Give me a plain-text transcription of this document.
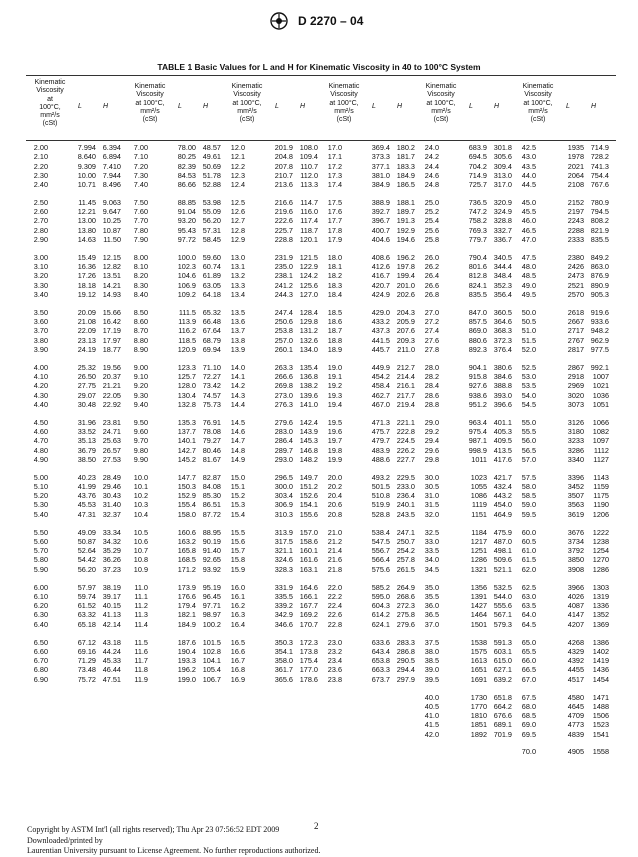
D 2270 – 04
TABLE 1 Basic Values for L and H for Kinematic Viscosity in 40 to 100°C System
Kinematic
Viscosity
at
100°C,
mm²/s
(cSt)
L	H
2.00	7.994 6.394
2.10	8.640 6.894
2.20	9.309 7.410
2.30	10.00 7.944
2.40	10.71 8.496
2.50	11.45 9.063
2.60	12.21 9.647
2.70	13.00 10.25
2.80	13.80 10.87
2.90	14.63 11.50
3.00	15.49 12.15
3.10	16.36 12.82
3.20	17.26 13.51
3.30	18.18 14.21
3.40	19.12 14.93
3.50	20.09 15.66
3.60	21.08 16.42
3.70	22.09 17.19
3.80	23.13 17.97
3.90	24.19 18.77
4.00	25.32 19.56
4.10	26.50 20.37
4.20	27.75 21.21
4.30	29.07 22.05
4.40	30.48 22.92
4.50	31.96 23.81
4.60	33.52 24.71
4.70	35.13 25.63
4.80	36.79 26.57
4.90	38.50 27.53
5.00	40.23 28.49
5.10	41.99 29.46
5.20	43.76 30.43
5.30	45.53 31.40
5.40	47.31 32.37
5.50	49.09 33.34
5.60	50.87 34.32
5.70	52.64 35.29
5.80	54.42 36.26
5.90	56.20 37.23
6.00	57.97 38.19
6.10	59.74 39.17
6.20	61.52 40.15
6.30	63.32 41.13
6.40	65.18 42.14
6.50	67.12 43.18
6.60	69.16 44.24
6.70	71.29 45.33
6.80	73.48 46.44
6.90	75.72 47.51
Kinematic
Viscosity
at 100°C,
mm²/s
(cSt)
L	H
7.00	78.00 48.57
7.10	80.25 49.61
7.20	82.39 50.69
7.30	84.53 51.78
7.40	86.66 52.88
7.50	88.85 53.98
7.60	91.04 55.09
7.70	93.20 56.20
7.80	95.43 57.31
7.90	97.72 58.45
8.00	100.0 59.60
8.10	102.3 60.74
8.20	104.6 61.89
8.30	106.9 63.05
8.40	109.2 64.18
8.50	111.5 65.32
8.60	113.9 66.48
8.70	116.2 67.64
8.80	118.5 68.79
8.90	120.9 69.94
9.00	123.3 71.10
9.10	125.7 72.27
9.20	128.0 73.42
9.30	130.4 74.57
9.40	132.8 75.73
9.50	135.3 76.91
9.60	137.7 78.08
9.70	140.1 79.27
9.80	142.7 80.46
9.90	145.2 81.67
10.0	147.7 82.87
10.1	150.3 84.08
10.2	152.9 85.30
10.3	155.4 86.51
10.4	158.0 87.72
10.5	160.6 88.95
10.6	163.2 90.19
10.7	165.8 91.40
10.8	168.5 92.65
10.9	171.2 93.92
11.0	173.9 95.19
11.1	176.6 96.45
11.2	179.4 97.71
11.3	182.1 98.97
11.4	184.9 100.2
11.5	187.6 101.5
11.6	190.4 102.8
11.7	193.3 104.1
11.8	196.2 105.4
11.9	199.0 106.7
Kinematic
Viscosity
at 100°C,
mm²/s
(cSt)
L	H
12.0	201.9 108.0
12.1	204.8 109.4
12.2	207.8 110.7
12.3	210.7 112.0
12.4	213.6 113.3
12.5	216.6 114.7
12.6	219.6 116.0
12.7	222.6 117.4
12.8	225.7 118.7
12.9	228.8 120.1
13.0	231.9 121.5
13.1	235.0 122.9
13.2	238.1 124.2
13.3	241.2 125.6
13.4	244.3 127.0
13.5	247.4 128.4
13.6	250.6 129.8
13.7	253.8 131.2
13.8	257.0 132.6
13.9	260.1 134.0
14.0	263.3 135.4
14.1	266.6 136.8
14.2	269.8 138.2
14.3	273.0 139.6
14.4	276.3 141.0
14.5	279.6 142.4
14.6	283.0 143.9
14.7	286.4 145.3
14.8	289.7 146.8
14.9	293.0 148.2
15.0	296.5 149.7
15.1	300.0 151.2
15.2	303.4 152.6
15.3	306.9 154.1
15.4	310.3 155.6
15.5	313.9 157.0
15.6	317.5 158.6
15.7	321.1 160.1
15.8	324.6 161.6
15.9	328.3 163.1
16.0	331.9 164.6
16.1	335.5 166.1
16.2	339.2 167.7
16.3	342.9 169.2
16.4	346.6 170.7
16.5	350.3 172.3
16.6	354.1 173.8
16.7	358.0 175.4
16.8	361.7 177.0
16.9	365.6 178.6
Kinematic
Viscosity
at 100°C,
mm²/s
(cSt)
L	H
17.0	369.4 180.2
17.1	373.3 181.7
17.2	377.1 183.3
17.3	381.0 184.9
17.4	384.9 186.5
17.5	388.9 188.1
17.6	392.7 189.7
17.7	396.7 191.3
17.8	400.7 192.9
17.9	404.6 194.6
18.0	408.6 196.2
18.1	412.6 197.8
18.2	416.7 199.4
18.3	420.7 201.0
18.4	424.9 202.6
18.5	429.0 204.3
18.6	433.2 205.9
18.7	437.3 207.6
18.8	441.5 209.3
18.9	445.7 211.0
19.0	449.9 212.7
19.1	454.2 214.4
19.2	458.4 216.1
19.3	462.7 217.7
19.4	467.0 219.4
19.5	471.3 221.1
19.6	475.7 222.8
19.7	479.7 224.5
19.8	483.9 226.2
19.9	488.6 227.7
20.0	493.2 229.5
20.2	501.5 233.0
20.4	510.8 236.4
20.6	519.9 240.1
20.8	528.8 243.5
21.0	538.4 247.1
21.2	547.5 250.7
21.4	556.7 254.2
21.6	566.4 257.8
21.8	575.6 261.5
22.0	585.2 264.9
22.2	595.0 268.6
22.4	604.3 272.3
22.6	614.2 275.8
22.8	624.1 279.6
23.0	633.6 283.3
23.2	643.4 286.8
23.4	653.8 290.5
23.6	663.3 294.4
23.8	673.7 297.9
Kinematic
Viscosity
at 100°C,
mm²/s
(cSt)
L	H
24.0	683.9 301.8
24.2	694.5 305.6
24.4	704.2 309.4
24.6	714.9 313.0
24.8	725.7 317.0
25.0	736.5 320.9
25.2	747.2 324.9
25.4	758.2 328.8
25.6	769.3 332.7
25.8	779.7 336.7
26.0	790.4 340.5
26.2	801.6 344.4
26.4	812.8 348.4
26.6	824.1 352.3
26.8	835.5 356.4
27.0	847.0 360.5
27.2	857.5 364.6
27.4	869.0 368.3
27.6	880.6 372.3
27.8	892.3 376.4
28.0	904.1 380.6
28.2	915.8 384.6
28.4	927.6 388.8
28.6	938.6 393.0
28.8	951.2 396.6
29.0	963.4 401.1
29.2	975.4 405.3
29.4	987.1 409.5
29.6	998.9 413.5
29.8	1011 417.6
30.0	1023 421.7
30.5	1055 432.4
31.0	1086 443.2
31.5	1119 454.0
32.0	1151 464.9
32.5	1184 475.9
33.0	1217 487.0
33.5	1251 498.1
34.0	1286 509.6
34.5	1321 521.1
35.0	1356 532.5
35.5	1391 544.0
36.0	1427 555.6
36.5	1464 567.1
37.0	1501 579.3
37.5	1538 591.3
38.0	1575 603.1
38.5	1613 615.0
39.0	1651 627.1
39.5	1691 639.2
40.0	1730 651.8
40.5	1770 664.2
41.0	1810 676.6
41.5	1851 689.1
42.0	1892 701.9
Kinematic
Viscosity
at 100°C,
mm²/s
(cSt)
L	H
42.5	1935 714.9
43.0	1978 728.2
43.5	2021 741.3
44.0	2064 754.4
44.5	2108 767.6
45.0	2152 780.9
45.5	2197 794.5
46.0	2243 808.2
46.5	2288 821.9
47.0	2333 835.5
47.5	2380 849.2
48.0	2426 863.0
48.5	2473 876.9
49.0	2521 890.9
49.5	2570 905.3
50.0	2618 919.6
50.5	2667 933.6
51.0	2717 948.2
51.5	2767 962.9
52.0	2817 977.5
52.5	2867 992.1
53.0	2918 1007
53.5	2969 1021
54.0	3020 1036
54.5	3073 1051
55.0	3126 1066
55.5	3180 1082
56.0	3233 1097
56.5	3286 1112
57.0	3340 1127
57.5	3396 1143
58.0	3452 1159
58.5	3507 1175
59.0	3563 1190
59.5	3619 1206
60.0	3676 1222
60.5	3734 1238
61.0	3792 1254
61.5	3850 1270
62.0	3908 1286
62.5	3966 1303
63.0	4026 1319
63.5	4087 1336
64.0	4147 1352
64.5	4207 1369
65.0	4268 1386
65.5	4329 1402
66.0	4392 1419
66.5	4455 1436
67.0	4517 1454
67.5	4580 1471
68.0	4645 1488
68.5	4709 1506
69.0	4773 1523
69.5	4839 1541
70.0	4905 1558
2
Copyright by ASTM Int'l (all rights reserved); Thu Apr 23 07:56:52 EDT 2009
Downloaded/printed by
Laurentian University pursuant to License Agreement. No further reproductions authorized.
